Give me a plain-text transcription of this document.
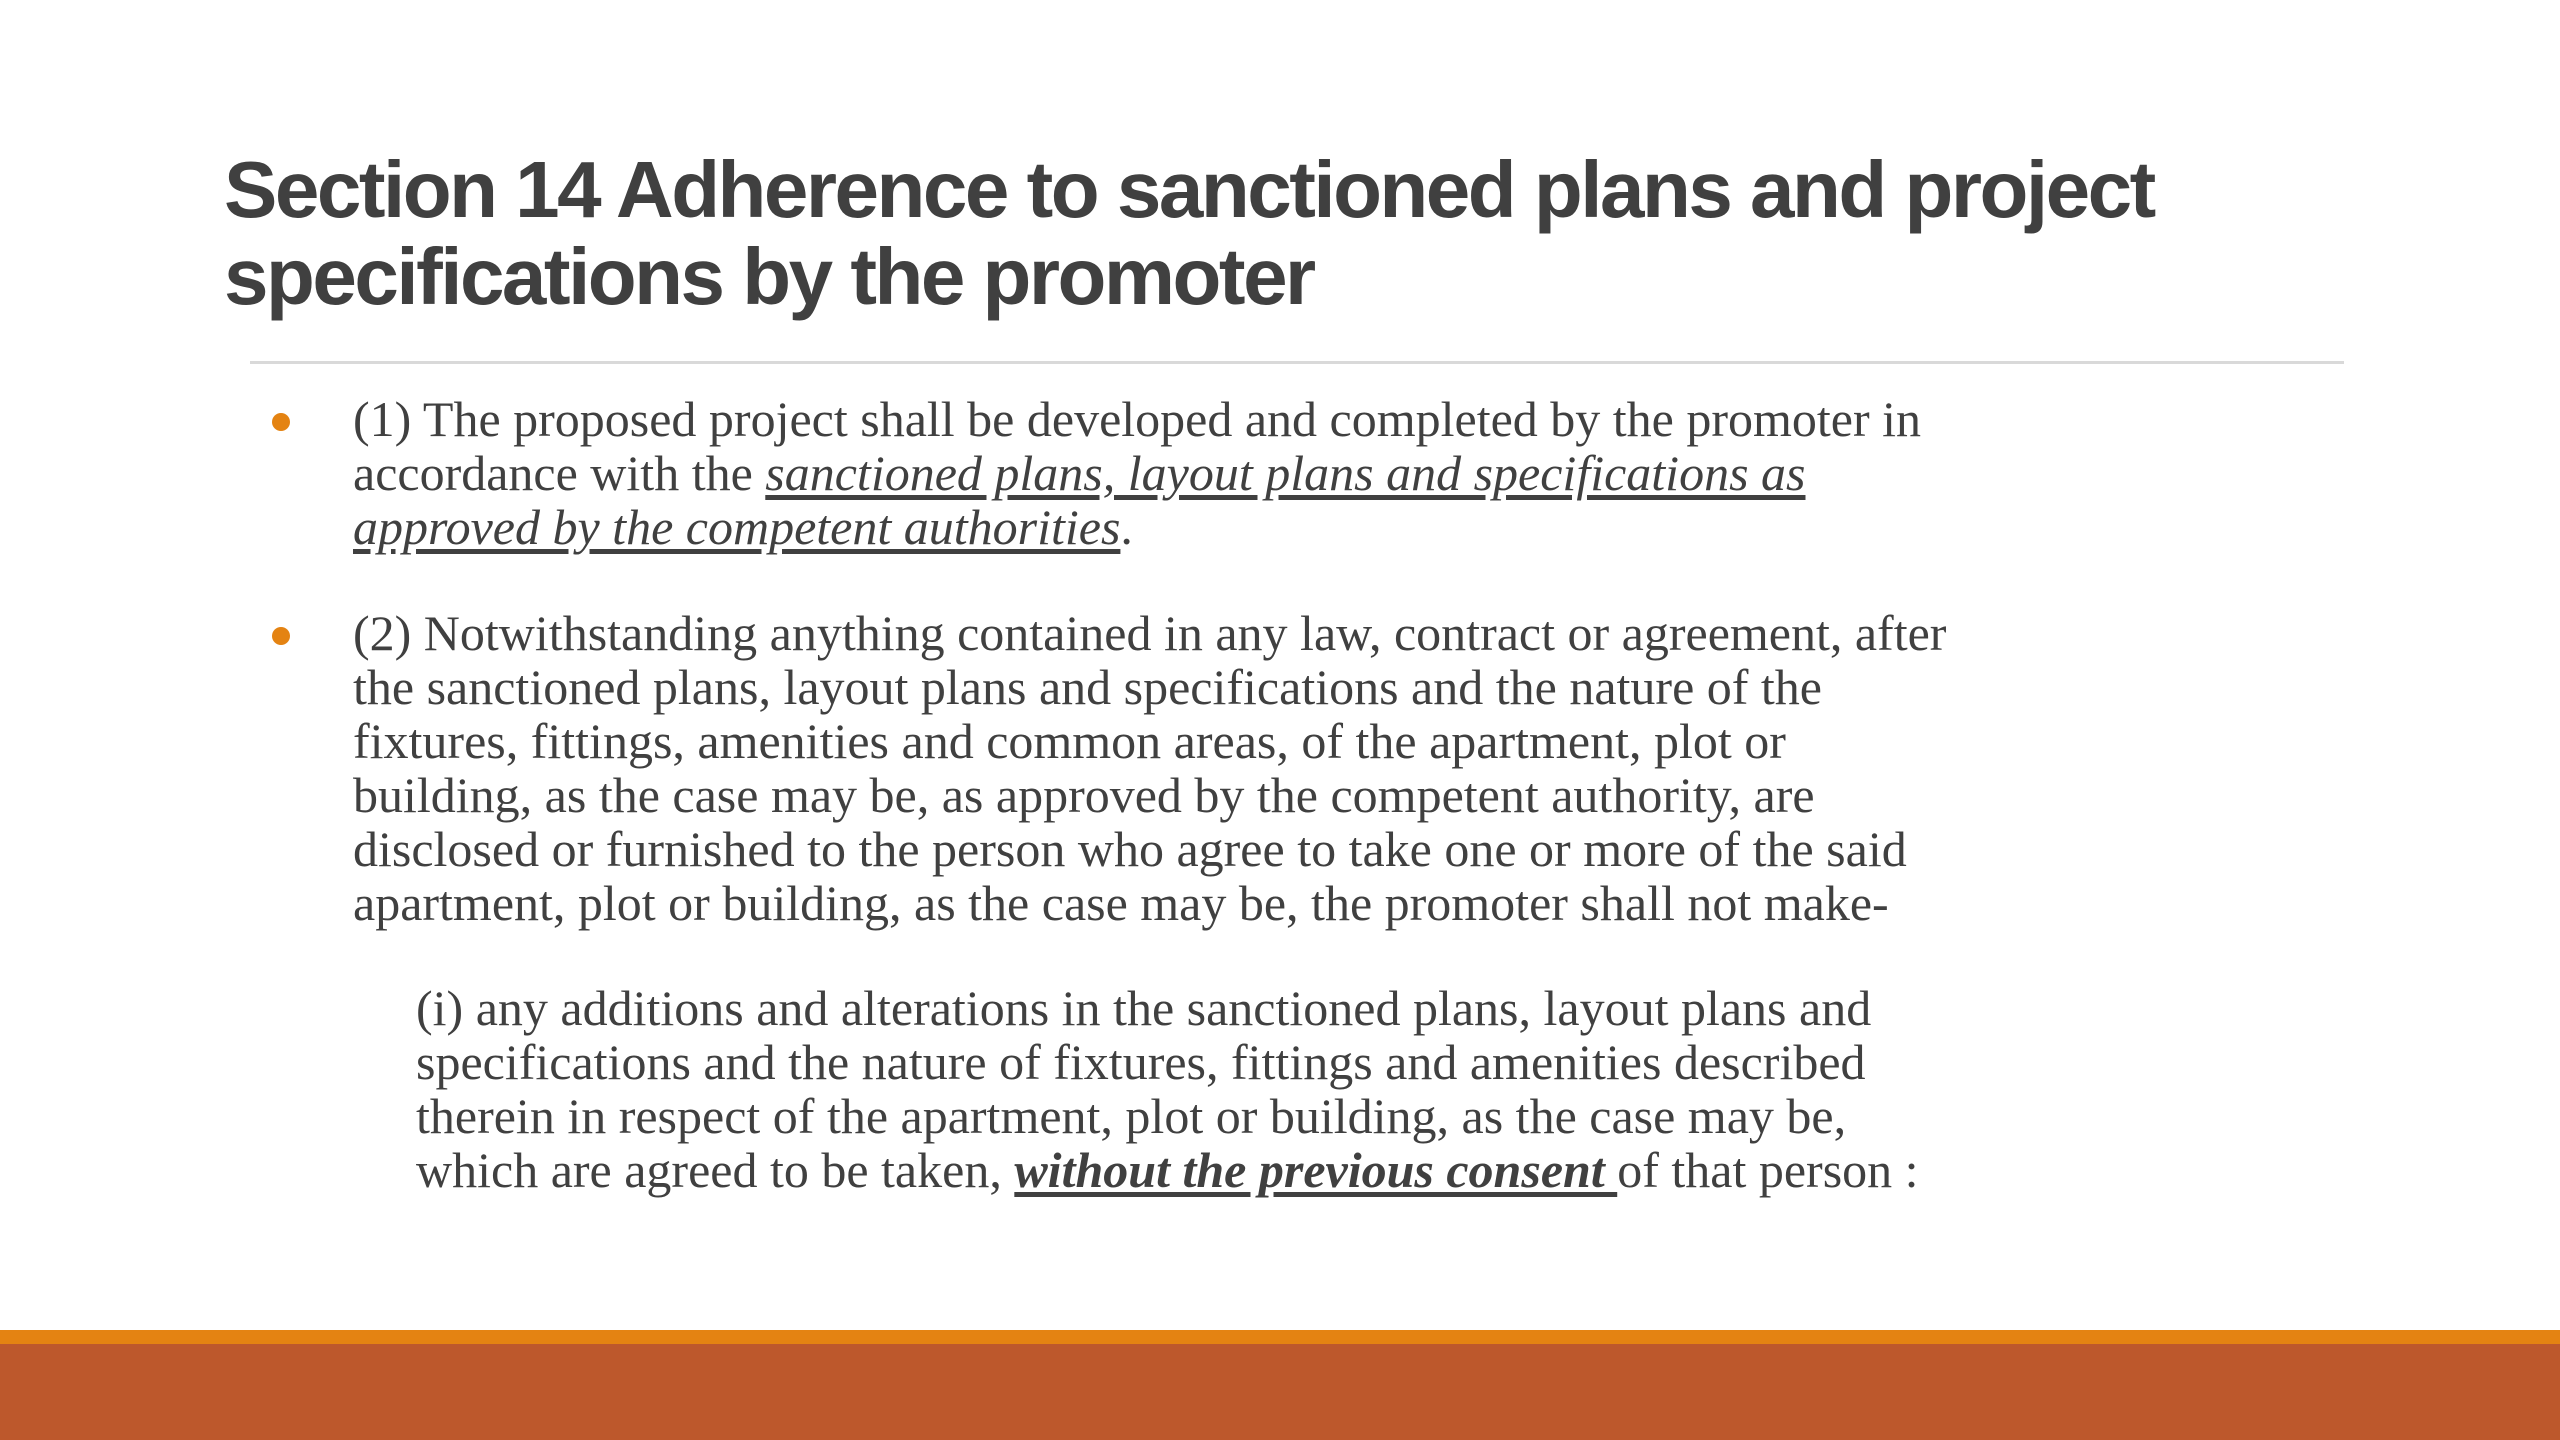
Section 14 Adherence to sanctioned plans and project
specifications by the promoter

(1) The proposed project shall be developed and completed by the promoter in
accordance with the sanctioned plans, layout plans and specifications as
approved by the competent authorities.

(2) Notwithstanding anything contained in any law, contract or agreement, after
the sanctioned plans, layout plans and specifications and the nature of the
fixtures, fittings, amenities and common areas, of the apartment, plot or
building, as the case may be, as approved by the competent authority, are
disclosed or furnished to the person who agree to take one or more of the said
apartment, plot or building, as the case may be, the promoter shall not make-

(i) any additions and alterations in the sanctioned plans, layout plans and
specifications and the nature of fixtures, fittings and amenities described
therein in respect of the apartment, plot or building, as the case may be,
which are agreed to be taken, without the previous consent of that person :
